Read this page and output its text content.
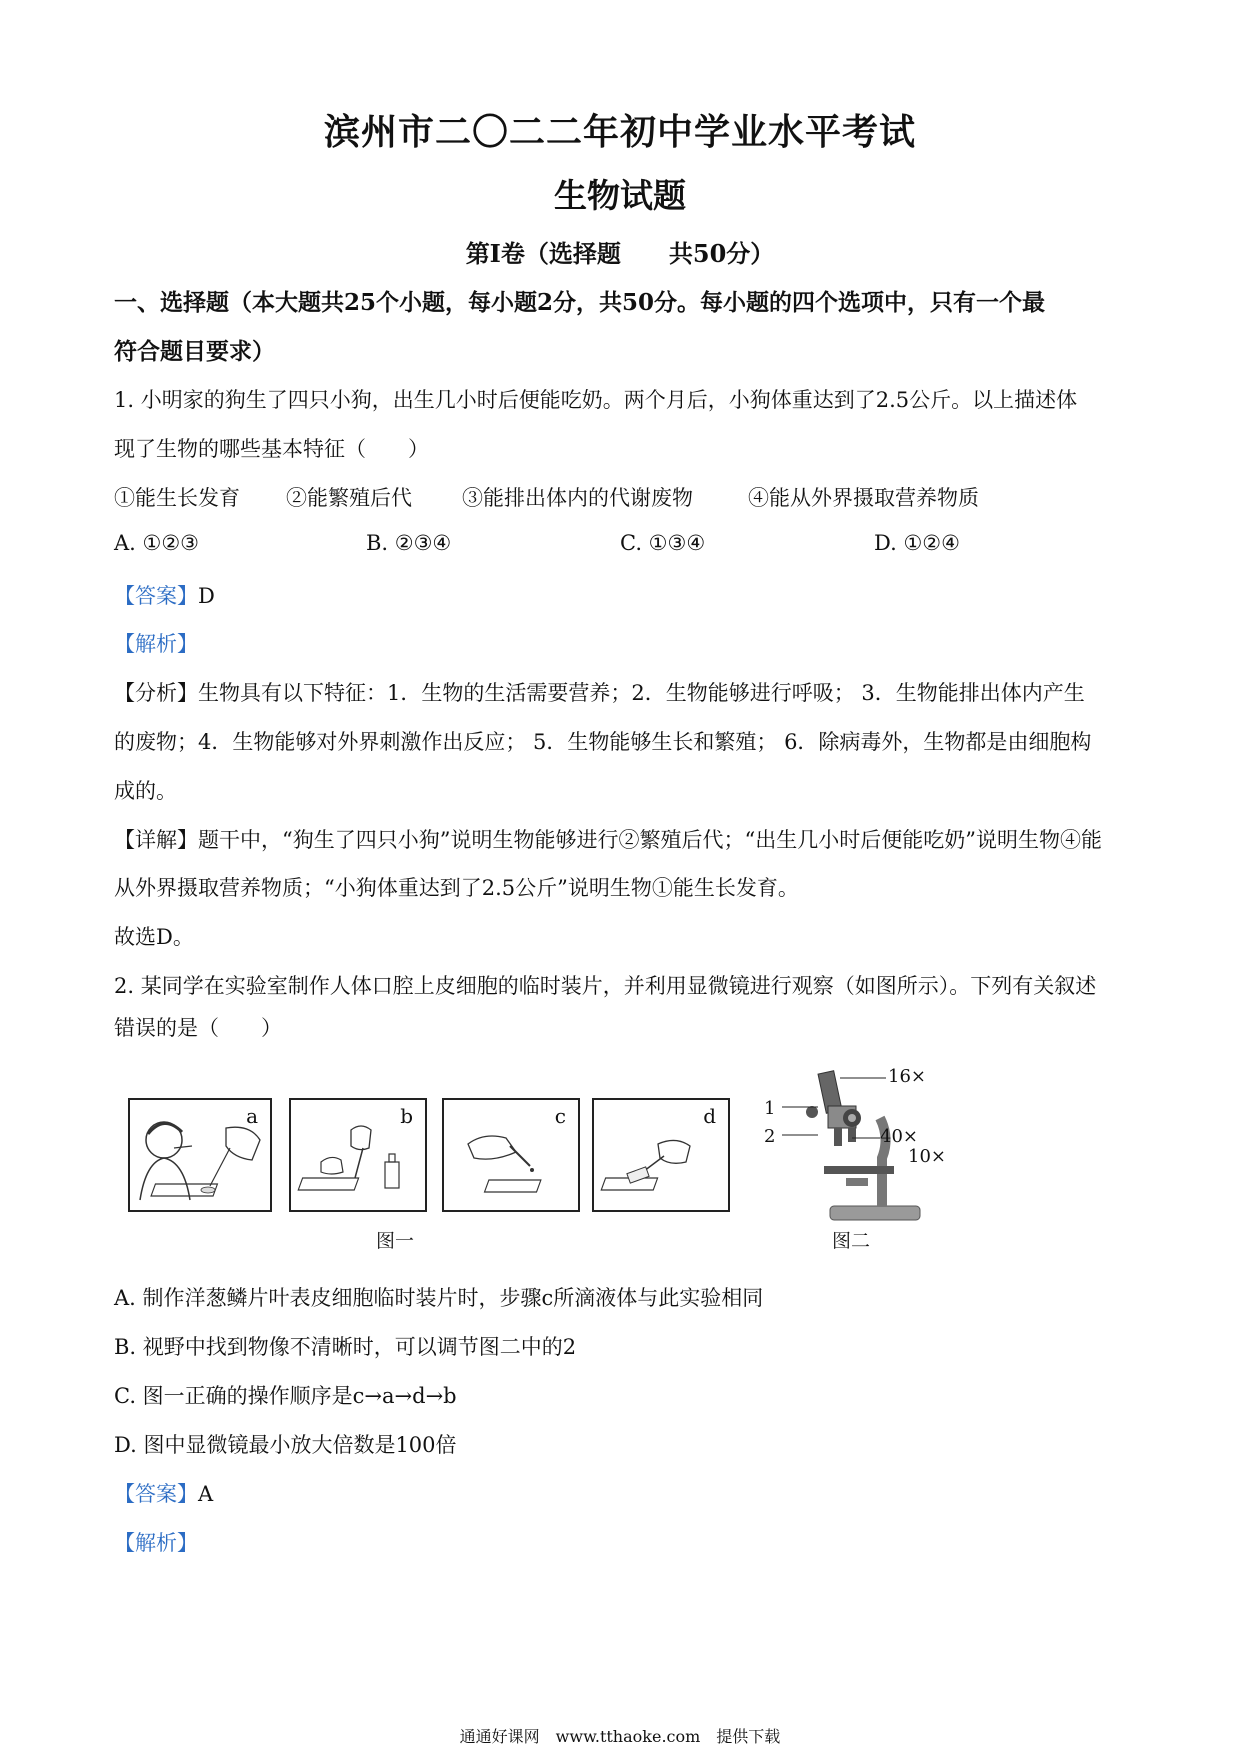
滨州市二〇二二年初中学业水平考试
生物试题
第Ⅰ卷（选择题　　共50分）
一、选择题（本大题共25个小题，每小题2分，共50分。每小题的四个选项中，只有一个最
符合题目要求）
1. 小明家的狗生了四只小狗，出生几小时后便能吃奶。两个月后，小狗体重达到了2.5公斤。以上描述体
现了生物的哪些基本特征（　　）
①能生长发育 ②能繁殖后代 ③能排出体内的代谢废物	④能从外界摄取营养物质
A. ①②③	B. ②③④	C. ①③④	D. ①②④
【答案】D
【解析】
【分析】生物具有以下特征：1．生物的生活需要营养；2．生物能够进行呼吸； 3．生物能排出体内产生
的废物；4．生物能够对外界刺激作出反应； 5．生物能够生长和繁殖； 6．除病毒外，生物都是由细胞构
成的。
【详解】题干中，“狗生了四只小狗”说明生物能够进行②繁殖后代；“出生几小时后便能吃奶”说明生物④能
从外界摄取营养物质；“小狗体重达到了2.5公斤”说明生物①能生长发育。
故选D。
2. 某同学在实验室制作人体口腔上皮细胞的临时装片，并利用显微镜进行观察（如图所示）。下列有关叙述
错误的是（　　）
a	b	c	d
图一
16×
1
2	40×
10×
图二
A. 制作洋葱鳞片叶表皮细胞临时装片时，步骤c所滴液体与此实验相同
B. 视野中找到物像不清晰时，可以调节图二中的2
C. 图一正确的操作顺序是c→a→d→b
D. 图中显微镜最小放大倍数是100倍
【答案】A
【解析】
通通好课网　www.tthaoke.com　提供下载
